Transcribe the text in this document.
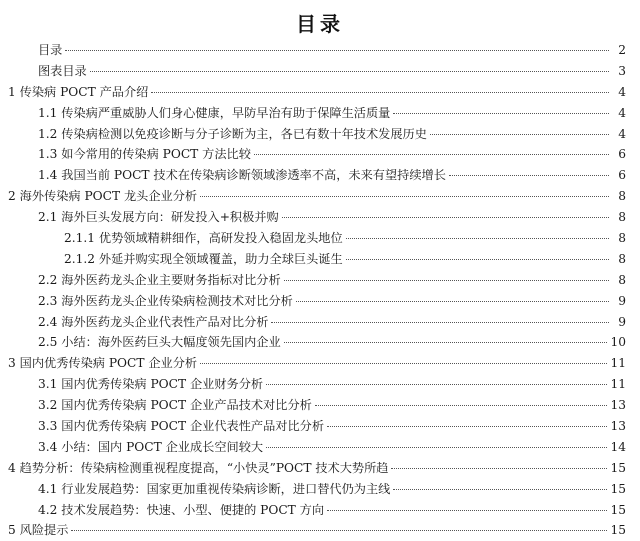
目录
目录	2
图表目录	3
1 传染病 POCT 产品介绍	4
1.1 传染病严重威胁人们身心健康，早防早治有助于保障生活质量	4
1.2 传染病检测以免疫诊断与分子诊断为主，各已有数十年技术发展历史	4
1.3 如今常用的传染病 POCT 方法比较	6
1.4 我国当前 POCT 技术在传染病诊断领域渗透率不高，未来有望持续增长	6
2 海外传染病 POCT 龙头企业分析	8
2.1 海外巨头发展方向：研发投入+积极并购	8
2.1.1 优势领域精耕细作，高研发投入稳固龙头地位	8
2.1.2 外延并购实现全领域覆盖，助力全球巨头诞生	8
2.2 海外医药龙头企业主要财务指标对比分析	8
2.3 海外医药龙头企业传染病检测技术对比分析	9
2.4 海外医药龙头企业代表性产品对比分析	9
2.5 小结：海外医药巨头大幅度领先国内企业	10
3 国内优秀传染病 POCT 企业分析	11
3.1 国内优秀传染病 POCT 企业财务分析	11
3.2 国内优秀传染病 POCT 企业产品技术对比分析	13
3.3 国内优秀传染病 POCT 企业代表性产品对比分析	13
3.4 小结：国内 POCT 企业成长空间较大	14
4 趋势分析：传染病检测重视程度提高，“小快灵”POCT 技术大势所趋	15
4.1 行业发展趋势：国家更加重视传染病诊断，进口替代仍为主线	15
4.2 技术发展趋势：快速、小型、便捷的 POCT 方向	15
5 风险提示	15
